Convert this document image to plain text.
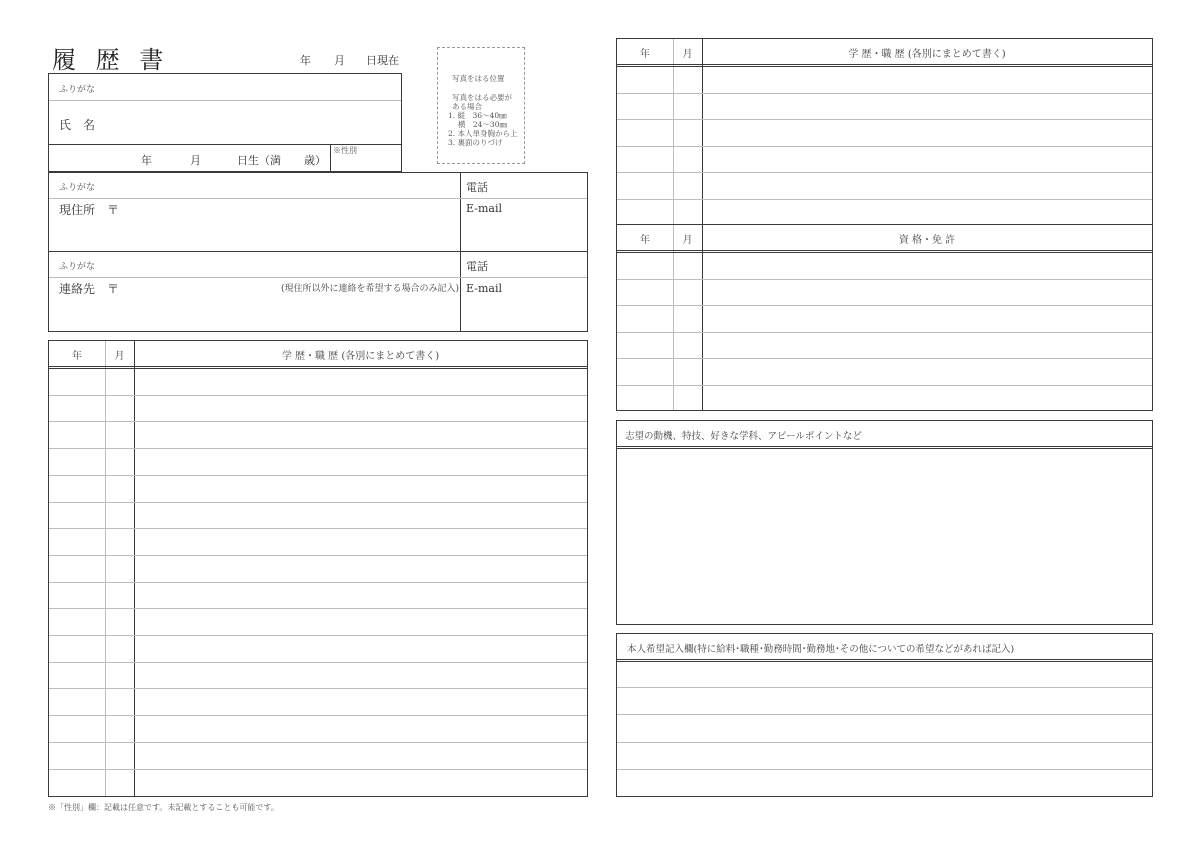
履 歴 書	年 月 日現在
写真をはる位置
写真をはる必要が
ある場合
1. 縦　36〜40㎜
　 横　24〜30㎜
2. 本人単身胸から上
3. 裏面のりづけ
ふりがな
氏　名
年	月	日生（満 歳）
※性別
ふりがな
現住所 〒
電話
E-mail
ふりがな
連絡先 〒	(現住所以外に連絡を希望する場合のみ記入)
電話
E-mail
年	月	学 歴・職 歴 (各別にまとめて書く)
※「性別」欄：記載は任意です。未記載とすることも可能です。
年	月	学 歴・職 歴 (各別にまとめて書く)
年	月	資 格・免 許
志望の動機、特技、好きな学科、アピールポイントなど
本人希望記入欄(特に給料･職種･勤務時間･勤務地･その他についての希望などがあれば記入)
